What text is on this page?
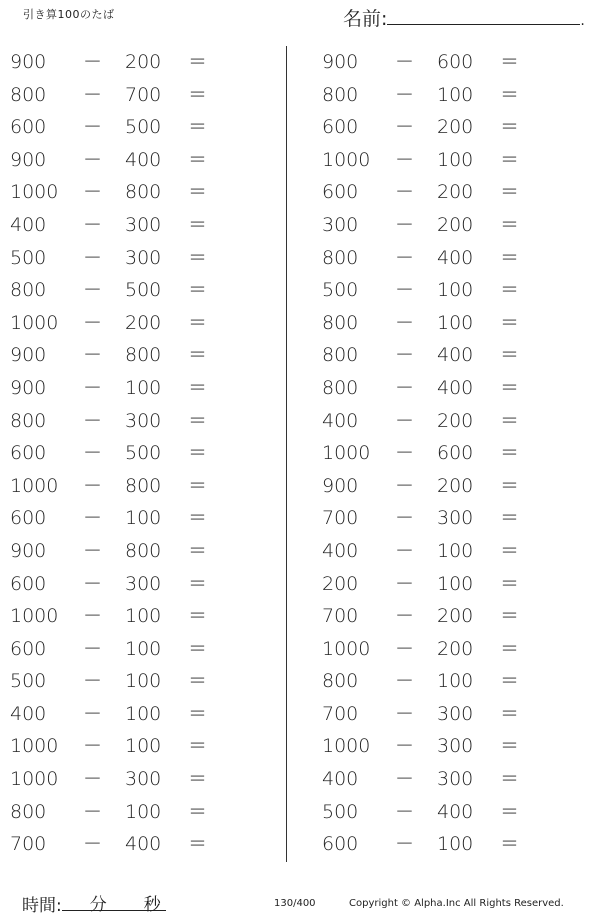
引き算100のたば	名前:	.
900 － 200 ＝
800 － 700 ＝
600 － 500 ＝
900 － 400 ＝
1000 － 800 ＝
400 － 300 ＝
500 － 300 ＝
800 － 500 ＝
1000 － 200 ＝
900 － 800 ＝
900 － 100 ＝
800 － 300 ＝
600 － 500 ＝
1000 － 800 ＝
600 － 100 ＝
900 － 800 ＝
600 － 300 ＝
1000 － 100 ＝
600 － 100 ＝
500 － 100 ＝
400 － 100 ＝
1000 － 100 ＝
1000 － 300 ＝
800 － 100 ＝
700 － 400 ＝
900 － 600 ＝
800 － 100 ＝
600 － 200 ＝
1000 － 100 ＝
600 － 200 ＝
300 － 200 ＝
800 － 400 ＝
500 － 100 ＝
800 － 100 ＝
800 － 400 ＝
800 － 400 ＝
400 － 200 ＝
1000 － 600 ＝
900 － 200 ＝
700 － 300 ＝
400 － 100 ＝
200 － 100 ＝
700 － 200 ＝
1000 － 200 ＝
800 － 100 ＝
700 － 300 ＝
1000 － 300 ＝
400 － 300 ＝
500 － 400 ＝
600 － 100 ＝
時間: 分 秒	130/400	Copyright © Alpha.Inc All Rights Reserved.
